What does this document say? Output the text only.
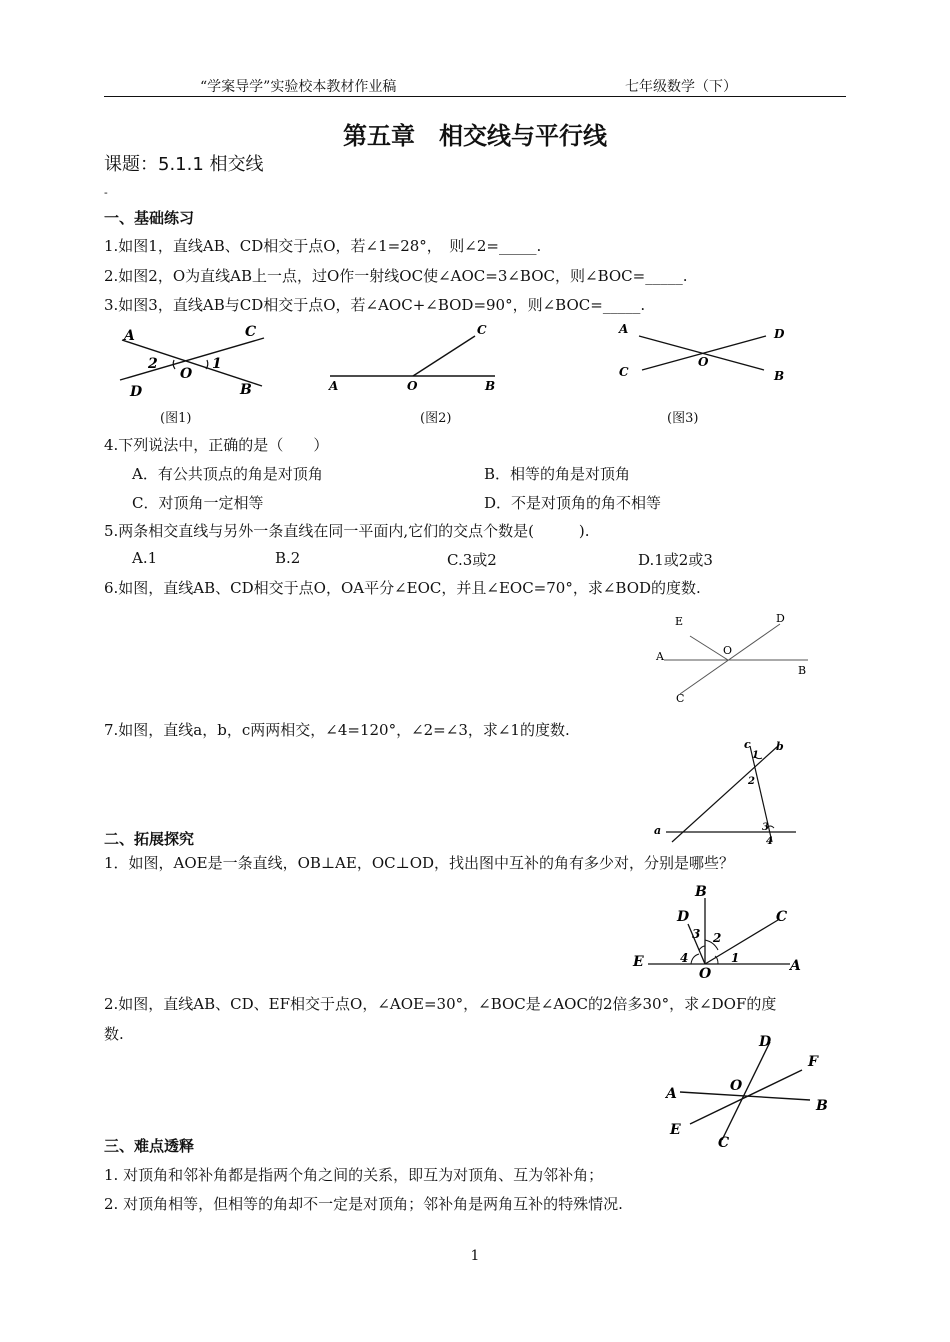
“学案导学”实验校本教材作业稿	七年级数学（下）
第五章　相交线与平行线
课题：5.1.1 相交线
-
一、基础练习
1.如图1，直线AB、CD相交于点O，若∠1=28°，　则∠2=_____.
2.如图2，O为直线AB上一点，过O作一射线OC使∠AOC=3∠BOC，则∠BOC=_____.
3.如图3，直线AB与CD相交于点O，若∠AOC+∠BOD=90°，则∠BOC=_____.
A	C
D	B
O
1
2
A	O	B
C	A	D
O
C	B
(图1)	(图2)	(图3)
4.下列说法中，正确的是（　　）
A．有公共顶点的角是对顶角	B．相等的角是对顶角
C．对顶角一定相等	D．不是对顶角的角不相等
5.两条相交直线与另外一条直线在同一平面内,它们的交点个数是(　　　).
A.1	B.2	C.3或2	D.1或2或3
6.如图，直线AB、CD相交于点O，OA平分∠EOC，并且∠EOC=70°，求∠BOD的度数.
E	D
A	O
B
C
7.如图，直线a，b，c两两相交，∠4=120°，∠2=∠3，求∠1的度数.
c b
a
1
2
3
4
二、拓展探究
1．如图，AOE是一条直线，OB⊥AE，OC⊥OD，找出图中互补的角有多少对，分别是哪些？
B
D	C
E
O	A
1
2
3
4
2.如图，直线AB、CD、EF相交于点O，∠AOE=30°，∠BOC是∠AOC的2倍多30°，求∠DOF的度
数.	D
F
A	O
B
E
C
三、难点透释
1. 对顶角和邻补角都是指两个角之间的关系，即互为对顶角、互为邻补角；
2. 对顶角相等，但相等的角却不一定是对顶角；邻补角是两角互补的特殊情况.
1
